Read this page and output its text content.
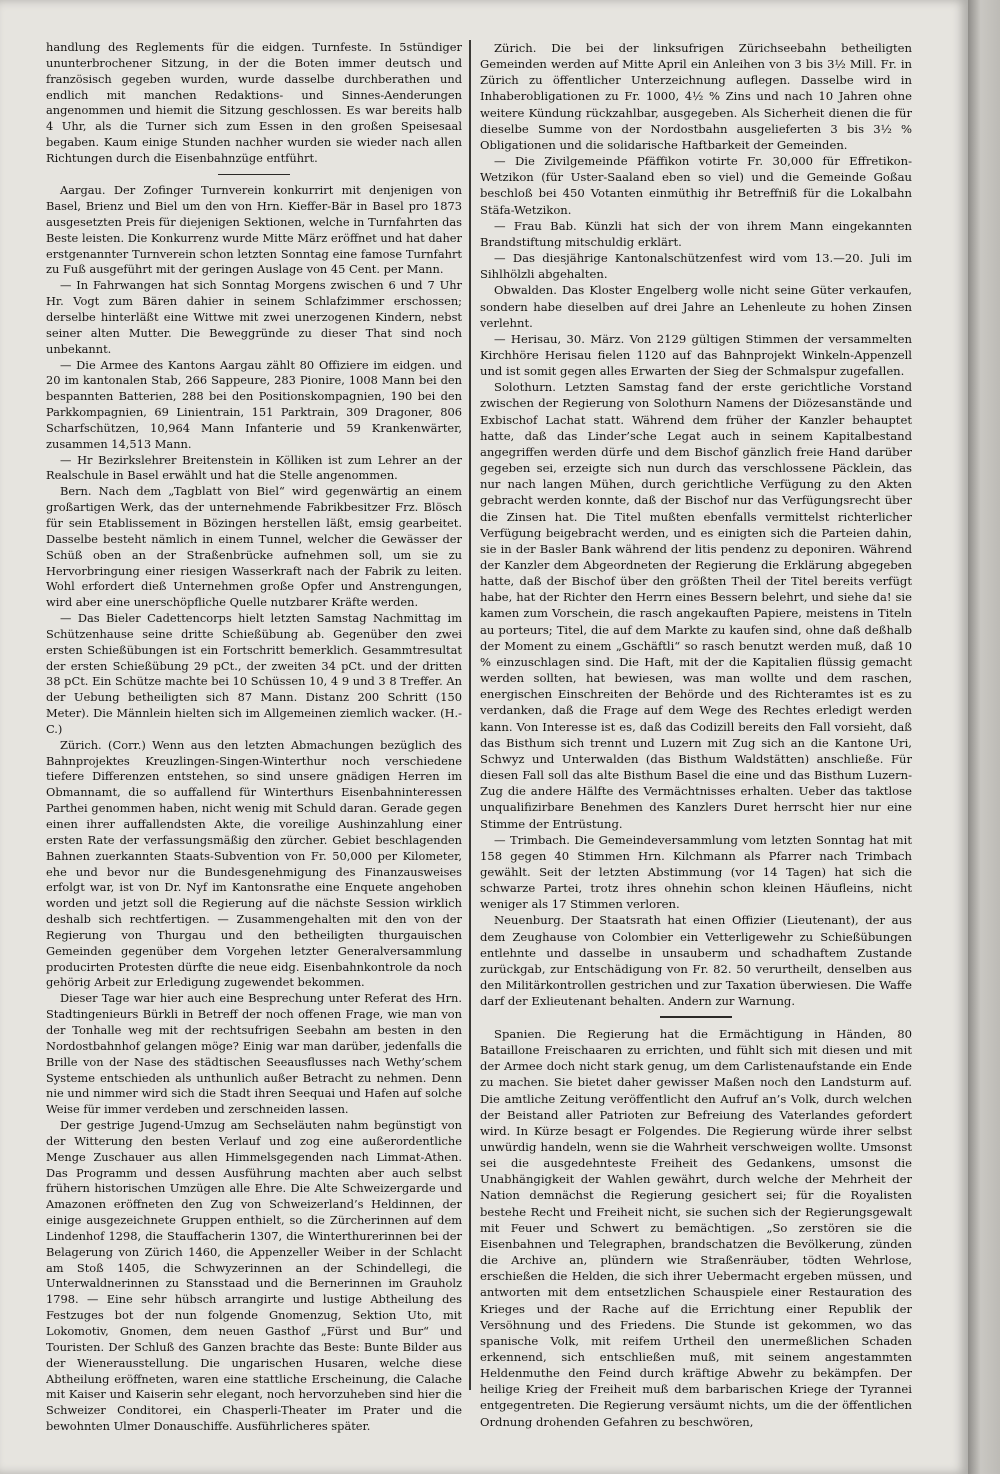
handlung des Reglements für die eidgen. Turnfeste. In 5stündiger ununterbrochener Sitzung, in der die Boten immer deutsch und französisch gegeben wurden, wurde dasselbe durchberathen und endlich mit manchen Redaktions- und Sinnes-Aenderungen angenommen und hiemit die Sitzung geschlossen. Es war bereits halb 4 Uhr, als die Turner sich zum Essen in den großen Speisesaal begaben. Kaum einige Stunden nachher wurden sie wieder nach allen Richtungen durch die Eisenbahnzüge entführt.

Aargau. Der Zofinger Turnverein konkurrirt mit denjenigen von Basel, Brienz und Biel um den von Hrn. Kieffer-Bär in Basel pro 1873 ausgesetzten Preis für diejenigen Sektionen, welche in Turnfahrten das Beste leisten. Die Konkurrenz wurde Mitte März eröffnet und hat daher erstgenannter Turnverein schon letzten Sonntag eine famose Turnfahrt zu Fuß ausgeführt mit der geringen Auslage von 45 Cent. per Mann.

— In Fahrwangen hat sich Sonntag Morgens zwischen 6 und 7 Uhr Hr. Vogt zum Bären dahier in seinem Schlafzimmer erschossen; derselbe hinterläßt eine Wittwe mit zwei unerzogenen Kindern, nebst seiner alten Mutter. Die Beweggründe zu dieser That sind noch unbekannt.

— Die Armee des Kantons Aargau zählt 80 Offiziere im eidgen. und 20 im kantonalen Stab, 266 Sappeure, 283 Pionire, 1008 Mann bei den bespannten Batterien, 288 bei den Positionskompagnien, 190 bei den Parkkompagnien, 69 Linientrain, 151 Parktrain, 309 Dragoner, 806 Scharfschützen, 10,964 Mann Infanterie und 59 Krankenwärter, zusammen 14,513 Mann.

— Hr Bezirkslehrer Breitenstein in Kölliken ist zum Lehrer an der Realschule in Basel erwählt und hat die Stelle angenommen.

Bern. Nach dem „Tagblatt von Biel“ wird gegenwärtig an einem großartigen Werk, das der unternehmende Fabrikbesitzer Frz. Blösch für sein Etablissement in Bözingen herstellen läßt, emsig gearbeitet. Dasselbe besteht nämlich in einem Tunnel, welcher die Gewässer der Schüß oben an der Straßenbrücke aufnehmen soll, um sie zu Hervorbringung einer riesigen Wasserkraft nach der Fabrik zu leiten. Wohl erfordert dieß Unternehmen große Opfer und Anstrengungen, wird aber eine unerschöpfliche Quelle nutzbarer Kräfte werden.

— Das Bieler Cadettencorps hielt letzten Samstag Nachmittag im Schützenhause seine dritte Schießübung ab. Gegenüber den zwei ersten Schießübungen ist ein Fortschritt bemerklich. Gesammtresultat der ersten Schießübung 29 pCt., der zweiten 34 pCt. und der dritten 38 pCt. Ein Schütze machte bei 10 Schüssen 10, 4 9 und 3 8 Treffer. An der Uebung betheiligten sich 87 Mann. Distanz 200 Schritt (150 Meter). Die Männlein hielten sich im Allgemeinen ziemlich wacker. (H.-C.)

Zürich. (Corr.) Wenn aus den letzten Abmachungen bezüglich des Bahnprojektes Kreuzlingen-Singen-Winterthur noch verschiedene tiefere Differenzen entstehen, so sind unsere gnädigen Herren im Obmannamt, die so auffallend für Winterthurs Eisenbahninteressen Parthei genommen haben, nicht wenig mit Schuld daran. Gerade gegen einen ihrer auffallendsten Akte, die voreilige Aushinzahlung einer ersten Rate der verfassungsmäßig den zürcher. Gebiet beschlagenden Bahnen zuerkannten Staats-Subvention von Fr. 50,000 per Kilometer, ehe und bevor nur die Bundesgenehmigung des Finanzausweises erfolgt war, ist von Dr. Nyf im Kantonsrathe eine Enquete angehoben worden und jetzt soll die Regierung auf die nächste Session wirklich deshalb sich rechtfertigen. — Zusammengehalten mit den von der Regierung von Thurgau und den betheiligten thurgauischen Gemeinden gegenüber dem Vorgehen letzter Generalversammlung producirten Protesten dürfte die neue eidg. Eisenbahnkontrole da noch gehörig Arbeit zur Erledigung zugewendet bekommen.

Dieser Tage war hier auch eine Besprechung unter Referat des Hrn. Stadtingenieurs Bürkli in Betreff der noch offenen Frage, wie man von der Tonhalle weg mit der rechtsufrigen Seebahn am besten in den Nordostbahnhof gelangen möge? Einig war man darüber, jedenfalls die Brille von der Nase des städtischen Seeausflusses nach Wethy’schem Systeme entschieden als unthunlich außer Betracht zu nehmen. Denn nie und nimmer wird sich die Stadt ihren Seequai und Hafen auf solche Weise für immer verdeben und zerschneiden lassen.

Der gestrige Jugend-Umzug am Sechseläuten nahm begünstigt von der Witterung den besten Verlauf und zog eine außerordentliche Menge Zuschauer aus allen Himmelsgegenden nach Limmat-Athen. Das Programm und dessen Ausführung machten aber auch selbst frühern historischen Umzügen alle Ehre. Die Alte Schweizergarde und Amazonen eröffneten den Zug von Schweizerland’s Heldinnen, der einige ausgezeichnete Gruppen enthielt, so die Zürcherinnen auf dem Lindenhof 1298, die Stauffacherin 1307, die Winterthurerinnen bei der Belagerung von Zürich 1460, die Appenzeller Weiber in der Schlacht am Stoß 1405, die Schwyzerinnen an der Schindellegi, die Unterwaldnerinnen zu Stansstaad und die Bernerinnen im Grauholz 1798. — Eine sehr hübsch arrangirte und lustige Abtheilung des Festzuges bot der nun folgende Gnomenzug, Sektion Uto, mit Lokomotiv, Gnomen, dem neuen Gasthof „Fürst und Bur“ und Touristen. Der Schluß des Ganzen brachte das Beste: Bunte Bilder aus der Wienerausstellung. Die ungarischen Husaren, welche diese Abtheilung eröffneten, waren eine stattliche Erscheinung, die Calache mit Kaiser und Kaiserin sehr elegant, noch hervorzuheben sind hier die Schweizer Conditorei, ein Chasperli-Theater im Prater und die bewohnten Ulmer Donauschiffe. Ausführlicheres später.

Zürich. Die bei der linksufrigen Zürichseebahn betheiligten Gemeinden werden auf Mitte April ein Anleihen von 3 bis 3½ Mill. Fr. in Zürich zu öffentlicher Unterzeichnung auflegen. Dasselbe wird in Inhaberobligationen zu Fr. 1000, 4½ % Zins und nach 10 Jahren ohne weitere Kündung rückzahlbar, ausgegeben. Als Sicherheit dienen die für dieselbe Summe von der Nordostbahn ausgelieferten 3 bis 3½ % Obligationen und die solidarische Haftbarkeit der Gemeinden.

— Die Zivilgemeinde Pfäffikon votirte Fr. 30,000 für Effretikon-Wetzikon (für Uster-Saaland eben so viel) und die Gemeinde Goßau beschloß bei 450 Votanten einmüthig ihr Betreffniß für die Lokalbahn Stäfa-Wetzikon.

— Frau Bab. Künzli hat sich der von ihrem Mann eingekannten Brandstiftung mitschuldig erklärt.

— Das diesjährige Kantonalschützenfest wird vom 13.—20. Juli im Sihlhölzli abgehalten.

Obwalden. Das Kloster Engelberg wolle nicht seine Güter verkaufen, sondern habe dieselben auf drei Jahre an Lehenleute zu hohen Zinsen verlehnt.

— Herisau, 30. März. Von 2129 gültigen Stimmen der versammelten Kirchhöre Herisau fielen 1120 auf das Bahnprojekt Winkeln-Appenzell und ist somit gegen alles Erwarten der Sieg der Schmalspur zugefallen.

Solothurn. Letzten Samstag fand der erste gerichtliche Vorstand zwischen der Regierung von Solothurn Namens der Diözesanstände und Exbischof Lachat statt. Während dem früher der Kanzler behauptet hatte, daß das Linder’sche Legat auch in seinem Kapitalbestand angegriffen werden dürfe und dem Bischof gänzlich freie Hand darüber gegeben sei, erzeigte sich nun durch das verschlossene Päcklein, das nur nach langen Mühen, durch gerichtliche Verfügung zu den Akten gebracht werden konnte, daß der Bischof nur das Verfügungsrecht über die Zinsen hat. Die Titel mußten ebenfalls vermittelst richterlicher Verfügung beigebracht werden, und es einigten sich die Parteien dahin, sie in der Basler Bank während der litis pendenz zu deponiren. Während der Kanzler dem Abgeordneten der Regierung die Erklärung abgegeben hatte, daß der Bischof über den größten Theil der Titel bereits verfügt habe, hat der Richter den Herrn eines Bessern belehrt, und siehe da! sie kamen zum Vorschein, die rasch angekauften Papiere, meistens in Titeln au porteurs; Titel, die auf dem Markte zu kaufen sind, ohne daß deßhalb der Moment zu einem „Gschäftli“ so rasch benutzt werden muß, daß 10 % einzuschlagen sind. Die Haft, mit der die Kapitalien flüssig gemacht werden sollten, hat bewiesen, was man wollte und dem raschen, energischen Einschreiten der Behörde und des Richteramtes ist es zu verdanken, daß die Frage auf dem Wege des Rechtes erledigt werden kann. Von Interesse ist es, daß das Codizill bereits den Fall vorsieht, daß das Bisthum sich trennt und Luzern mit Zug sich an die Kantone Uri, Schwyz und Unterwalden (das Bisthum Waldstätten) anschließe. Für diesen Fall soll das alte Bisthum Basel die eine und das Bisthum Luzern-Zug die andere Hälfte des Vermächtnisses erhalten. Ueber das taktlose unqualifizirbare Benehmen des Kanzlers Duret herrscht hier nur eine Stimme der Entrüstung.

— Trimbach. Die Gemeindeversammlung vom letzten Sonntag hat mit 158 gegen 40 Stimmen Hrn. Kilchmann als Pfarrer nach Trimbach gewählt. Seit der letzten Abstimmung (vor 14 Tagen) hat sich die schwarze Partei, trotz ihres ohnehin schon kleinen Häufleins, nicht weniger als 17 Stimmen verloren.

Neuenburg. Der Staatsrath hat einen Offizier (Lieutenant), der aus dem Zeughause von Colombier ein Vetterligewehr zu Schießübungen entlehnte und dasselbe in unsauberm und schadhaftem Zustande zurückgab, zur Entschädigung von Fr. 82. 50 verurtheilt, denselben aus den Militärkontrollen gestrichen und zur Taxation überwiesen. Die Waffe darf der Exlieutenant behalten. Andern zur Warnung.

Spanien. Die Regierung hat die Ermächtigung in Händen, 80 Bataillone Freischaaren zu errichten, und fühlt sich mit diesen und mit der Armee doch nicht stark genug, um dem Carlistenaufstande ein Ende zu machen. Sie bietet daher gewisser Maßen noch den Landsturm auf. Die amtliche Zeitung veröffentlicht den Aufruf an’s Volk, durch welchen der Beistand aller Patrioten zur Befreiung des Vaterlandes gefordert wird. In Kürze besagt er Folgendes. Die Regierung würde ihrer selbst unwürdig handeln, wenn sie die Wahrheit verschweigen wollte. Umsonst sei die ausgedehnteste Freiheit des Gedankens, umsonst die Unabhängigkeit der Wahlen gewährt, durch welche der Mehrheit der Nation demnächst die Regierung gesichert sei; für die Royalisten bestehe Recht und Freiheit nicht, sie suchen sich der Regierungsgewalt mit Feuer und Schwert zu bemächtigen. „So zerstören sie die Eisenbahnen und Telegraphen, brandschatzen die Bevölkerung, zünden die Archive an, plündern wie Straßenräuber, tödten Wehrlose, erschießen die Helden, die sich ihrer Uebermacht ergeben müssen, und antworten mit dem entsetzlichen Schauspiele einer Restauration des Krieges und der Rache auf die Errichtung einer Republik der Versöhnung und des Friedens. Die Stunde ist gekommen, wo das spanische Volk, mit reifem Urtheil den unermeßlichen Schaden erkennend, sich entschließen muß, mit seinem angestammten Heldenmuthe den Feind durch kräftige Abwehr zu bekämpfen. Der heilige Krieg der Freiheit muß dem barbarischen Kriege der Tyrannei entgegentreten. Die Regierung versäumt nichts, um die der öffentlichen Ordnung drohenden Gefahren zu beschwören,
